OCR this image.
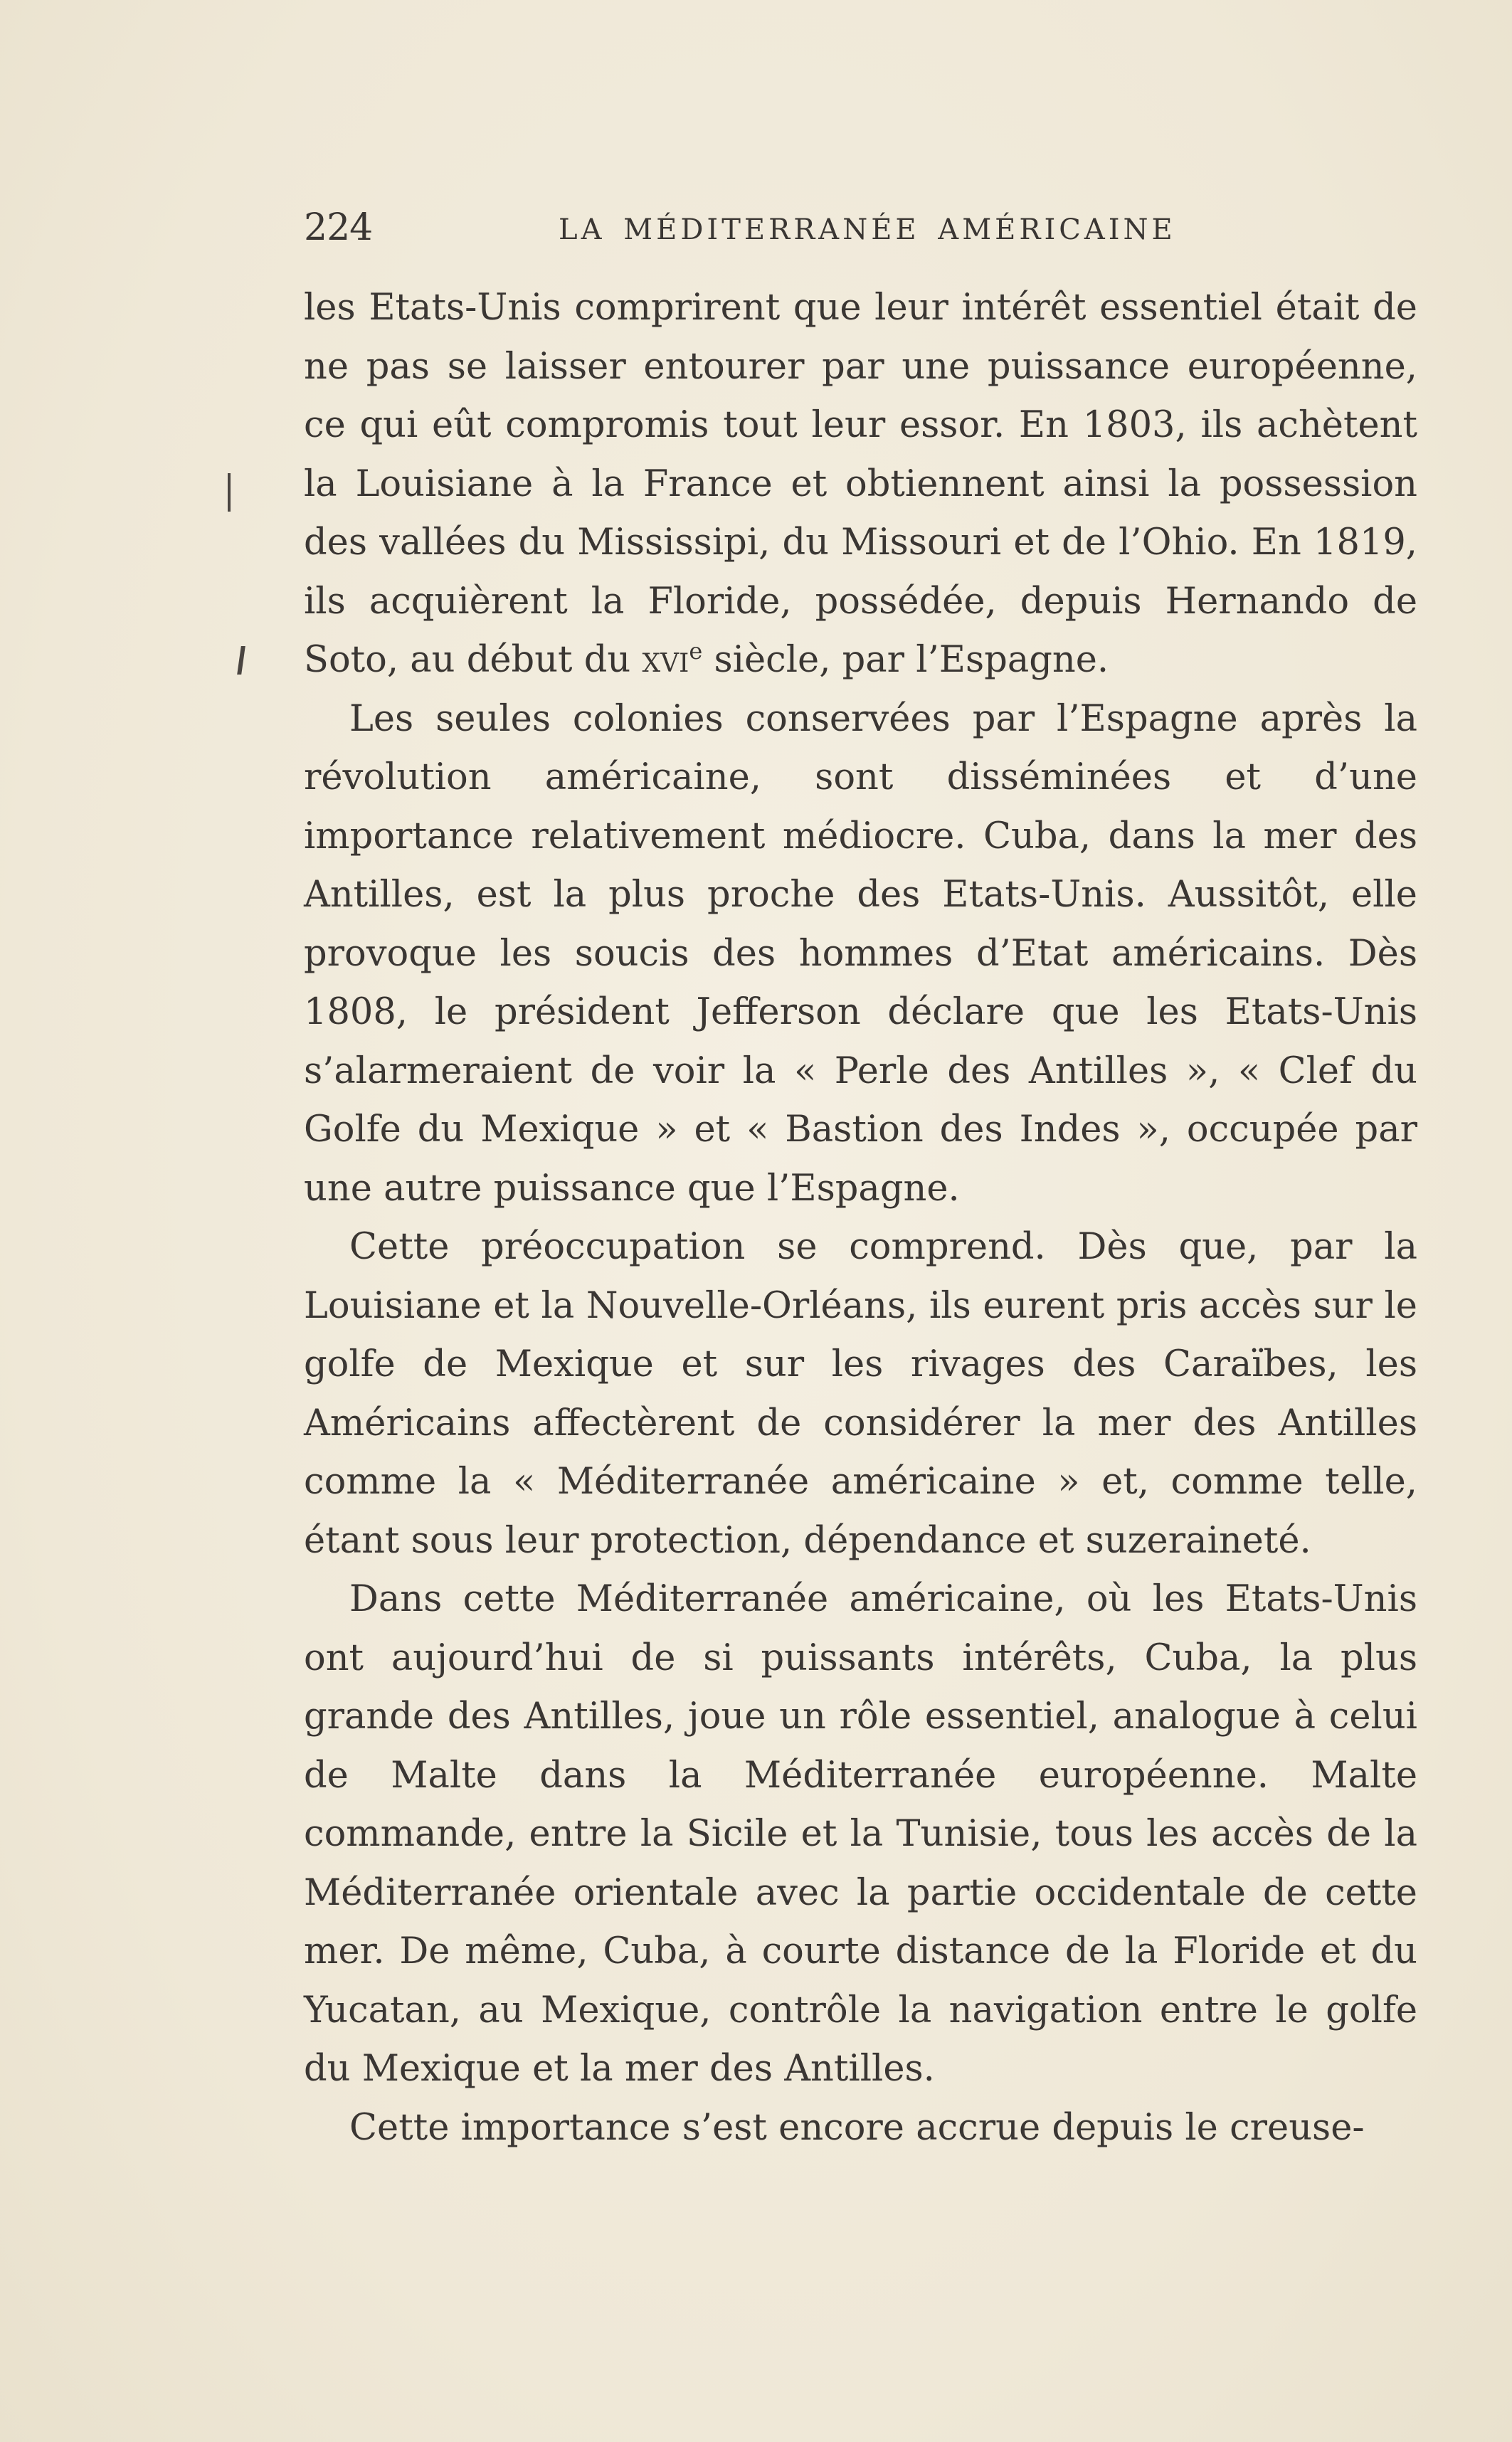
224	LA MÉDITERRANÉE AMÉRICAINE

les Etats-Unis comprirent que leur intérêt essentiel était de ne pas se laisser entourer par une puissance européenne, ce qui eût compromis tout leur essor. En 1803, ils achètent la Louisiane à la France et obtiennent ainsi la possession des vallées du Mississipi, du Missouri et de l’Ohio. En 1819, ils acquièrent la Floride, possédée, depuis Hernando de Soto, au début du xvi$^e$ siècle, par l’Espagne.

Les seules colonies conservées par l’Espagne après la révolution américaine, sont disséminées et d’une importance relativement médiocre. Cuba, dans la mer des Antilles, est la plus proche des Etats-Unis. Aussitôt, elle provoque les soucis des hommes d’Etat américains. Dès 1808, le président Jefferson déclare que les Etats-Unis s’alarmeraient de voir la « Perle des Antilles », « Clef du Golfe du Mexique » et « Bastion des Indes », occupée par une autre puissance que l’Espagne.

Cette préoccupation se comprend. Dès que, par la Louisiane et la Nouvelle-Orléans, ils eurent pris accès sur le golfe de Mexique et sur les rivages des Caraïbes, les Américains affectèrent de considérer la mer des Antilles comme la « Méditerranée américaine » et, comme telle, étant sous leur protection, dépendance et suzeraineté.

Dans cette Méditerranée américaine, où les Etats-Unis ont aujourd’hui de si puissants intérêts, Cuba, la plus grande des Antilles, joue un rôle essentiel, analogue à celui de Malte dans la Méditerranée européenne. Malte commande, entre la Sicile et la Tunisie, tous les accès de la Méditerranée orientale avec la partie occidentale de cette mer. De même, Cuba, à courte distance de la Floride et du Yucatan, au Mexique, contrôle la navigation entre le golfe du Mexique et la mer des Antilles.

Cette importance s’est encore accrue depuis le creuse-
